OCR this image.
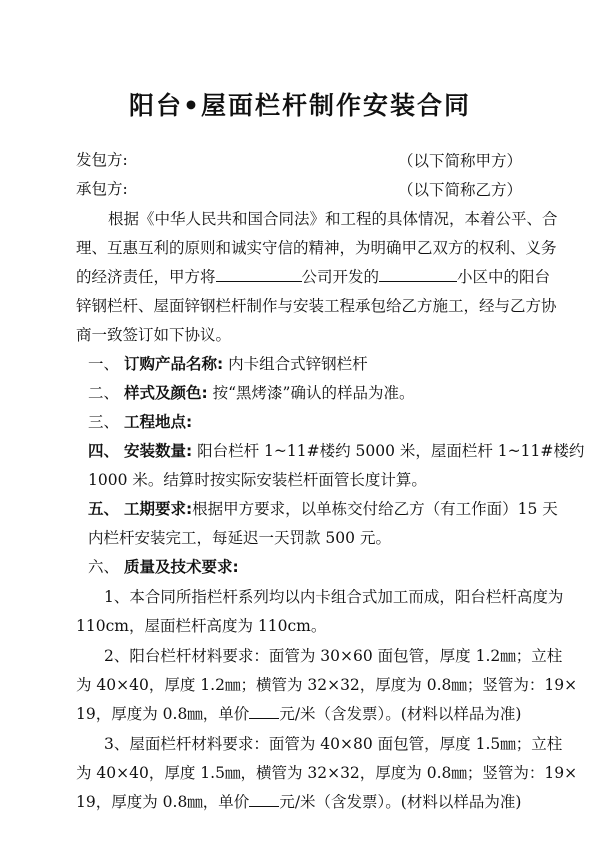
阳台•屋面栏杆制作安装合同
发包方:	（以下简称甲方）
承包方:	（以下简称乙方）
根据《中华人民共和国合同法》和工程的具体情况，本着公平、合
理、互惠互利的原则和诚实守信的精神，为明确甲乙双方的权利、义务
的经济责任，甲方将	公司开发的	小区中的阳台
锌钢栏杆、屋面锌钢栏杆制作与安装工程承包给乙方施工，经与乙方协
商一致签订如下协议。
一、 订购产品名称: 内卡组合式锌钢栏杆
二、 样式及颜色: 按“黑烤漆”确认的样品为准。
三、 工程地点:
四、 安装数量: 阳台栏杆 1~11#楼约 5000 米，屋面栏杆 1~11#楼约
1000 米。结算时按实际安装栏杆面管长度计算。
五、 工期要求:根据甲方要求，以单栋交付给乙方（有工作面）15 天
内栏杆安装完工，每延迟一天罚款 500 元。
六、 质量及技术要求:
1、本合同所指栏杆系列均以内卡组合式加工而成，阳台栏杆高度为
110cm，屋面栏杆高度为 110cm。
2、阳台栏杆材料要求：面管为 30×60 面包管，厚度 1.2㎜；立柱
为 40×40，厚度 1.2㎜；横管为 32×32，厚度为 0.8㎜；竖管为：19×
19，厚度为 0.8㎜，单价 元/米（含发票）。(材料以样品为准)
3、屋面栏杆材料要求：面管为 40×80 面包管，厚度 1.5㎜；立柱
为 40×40，厚度 1.5㎜，横管为 32×32，厚度为 0.8㎜；竖管为：19×
19，厚度为 0.8㎜，单价 元/米（含发票）。(材料以样品为准)
